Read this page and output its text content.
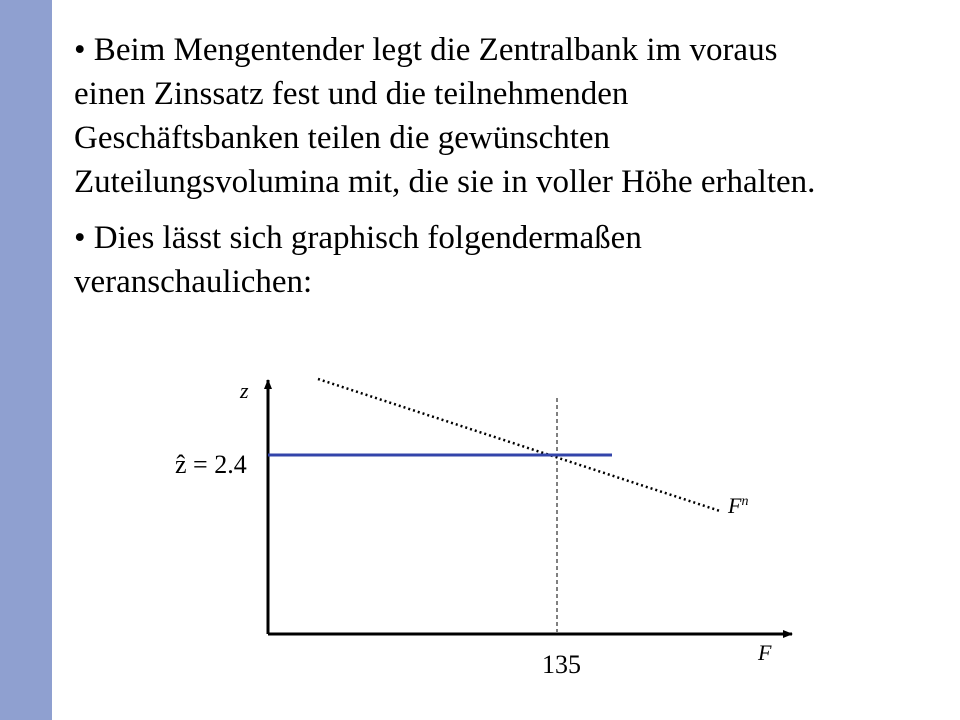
• Beim Mengentender legt die Zentralbank im voraus
einen Zinssatz fest und die teilnehmenden
Geschäftsbanken teilen die gewünschten
Zuteilungsvolumina mit, die sie in voller Höhe erhalten.
• Dies lässt sich graphisch folgendermaßen
veranschaulichen:
z
F
ẑ = 2.4
135
$F^n$
